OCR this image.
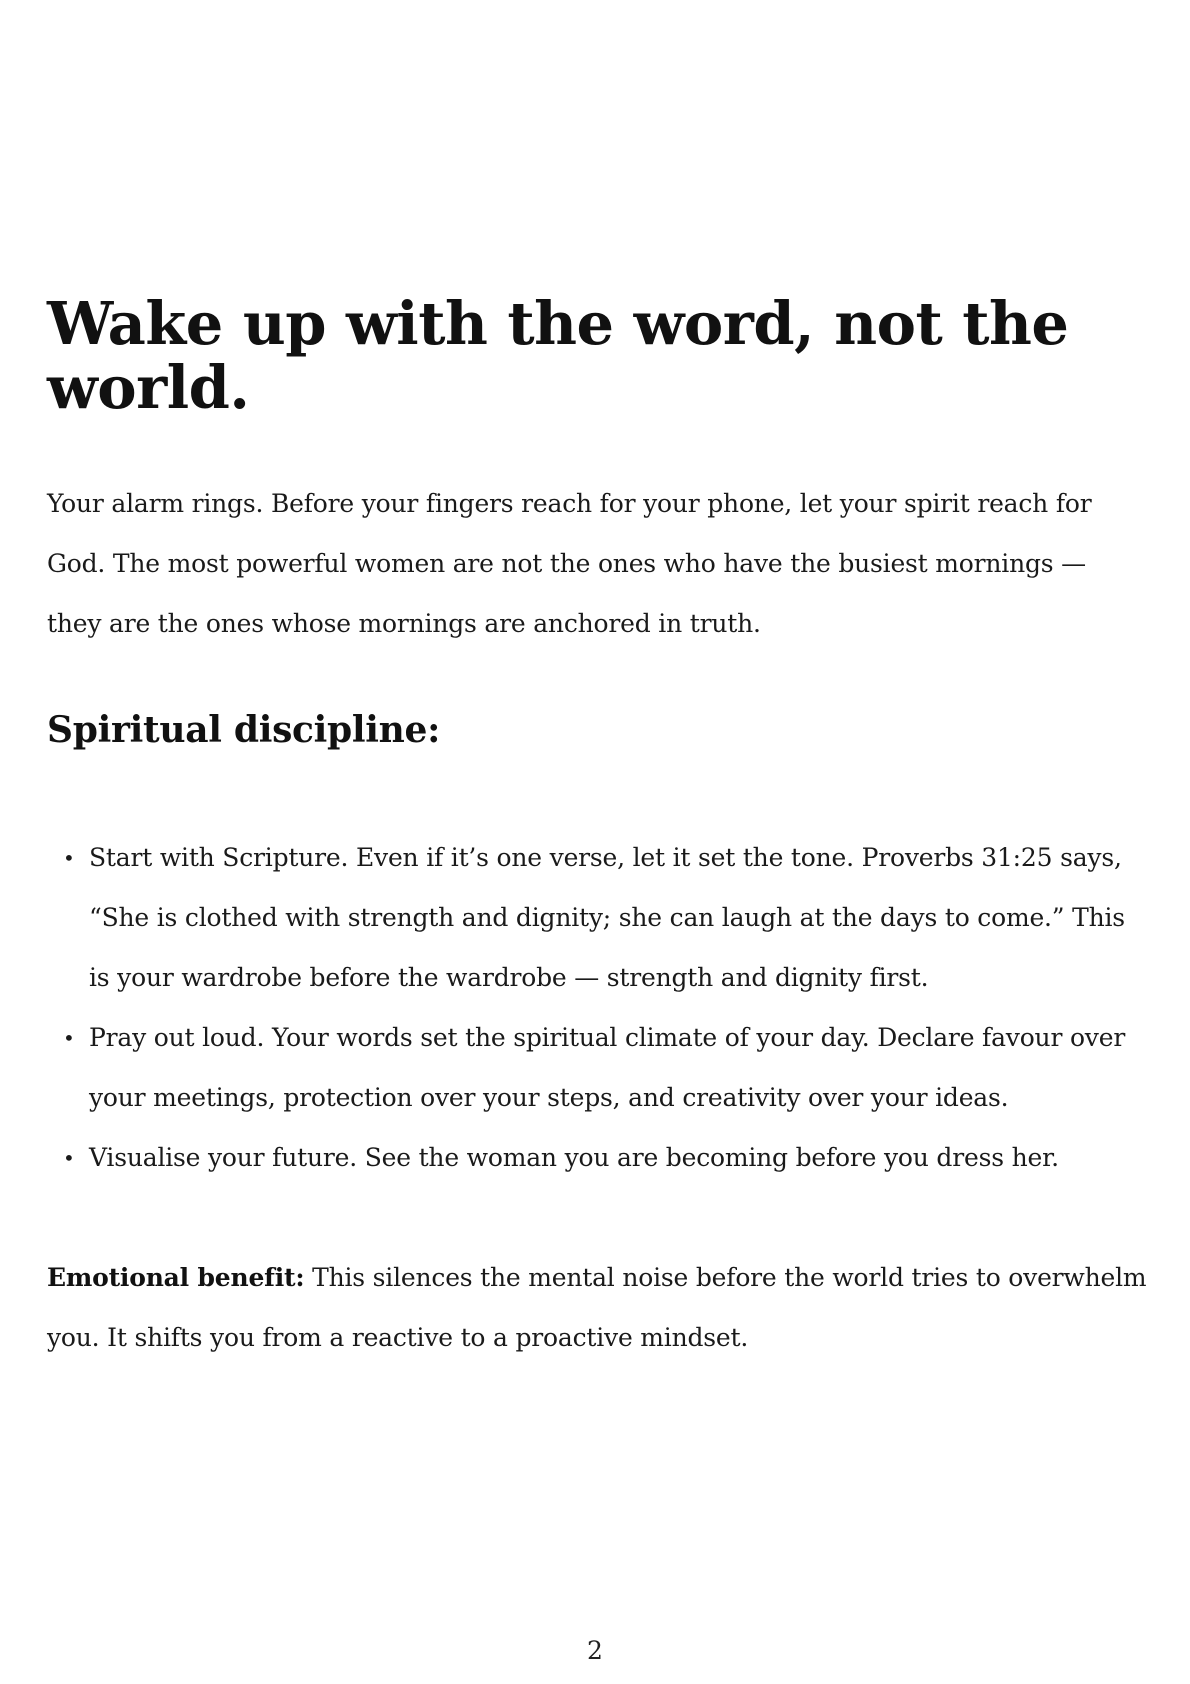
Wake up with the word, not the world.

Your alarm rings. Before your fingers reach for your phone, let your spirit reach for God. The most powerful women are not the ones who have the busiest mornings — they are the ones whose mornings are anchored in truth.

Spiritual discipline:
• Start with Scripture. Even if it’s one verse, let it set the tone. Proverbs 31:25 says, “She is clothed with strength and dignity; she can laugh at the days to come.” This is your wardrobe before the wardrobe — strength and dignity first.
• Pray out loud. Your words set the spiritual climate of your day. Declare favour over your meetings, protection over your steps, and creativity over your ideas.
• Visualise your future. See the woman you are becoming before you dress her.

Emotional benefit: This silences the mental noise before the world tries to overwhelm you. It shifts you from a reactive to a proactive mindset.

2
